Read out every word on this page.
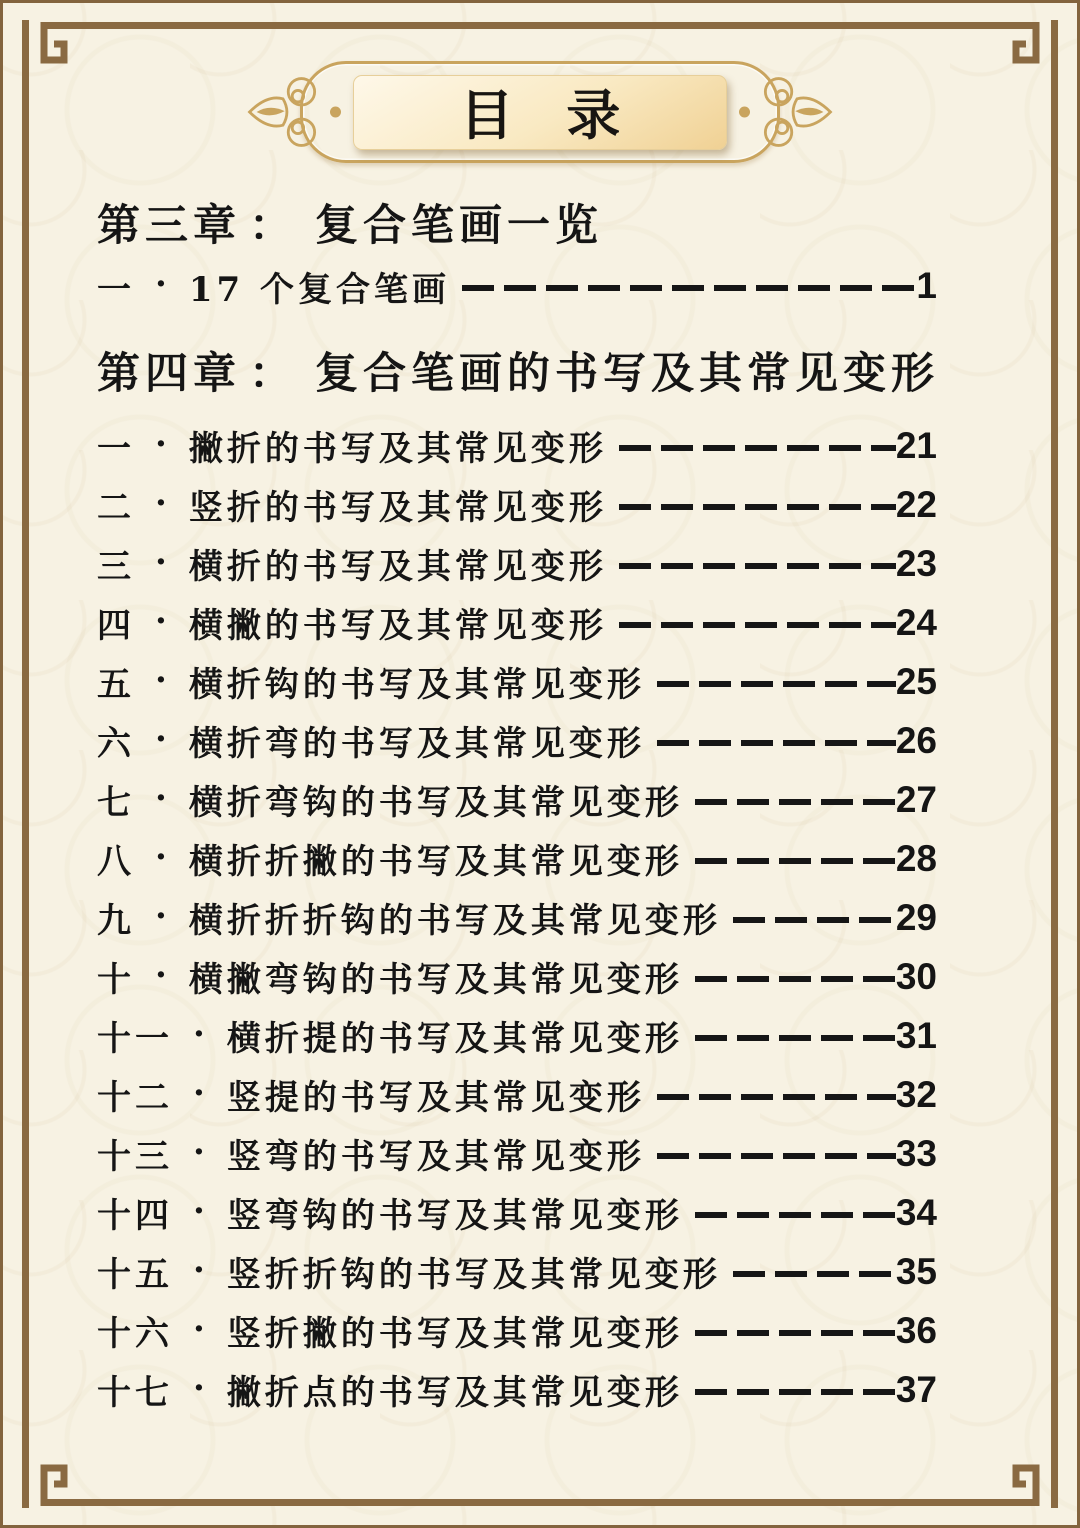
目 录
第三章 ： 复合笔画一览
一 · 17 个复合笔画	1
第四章 ： 复合笔画的书写及其常见变形
一 · 撇折的书写及其常见变形	21
二 · 竖折的书写及其常见变形	22
三 · 横折的书写及其常见变形	23
四 · 横撇的书写及其常见变形	24
五 · 横折钩的书写及其常见变形	25
六 · 横折弯的书写及其常见变形	26
七 · 横折弯钩的书写及其常见变形	27
八 · 横折折撇的书写及其常见变形	28
九 · 横折折折钩的书写及其常见变形	29
十 · 横撇弯钩的书写及其常见变形	30
十一 · 横折提的书写及其常见变形	31
十二 · 竖提的书写及其常见变形	32
十三 · 竖弯的书写及其常见变形	33
十四 · 竖弯钩的书写及其常见变形	34
十五 · 竖折折钩的书写及其常见变形	35
十六 · 竖折撇的书写及其常见变形	36
十七 · 撇折点的书写及其常见变形	37
